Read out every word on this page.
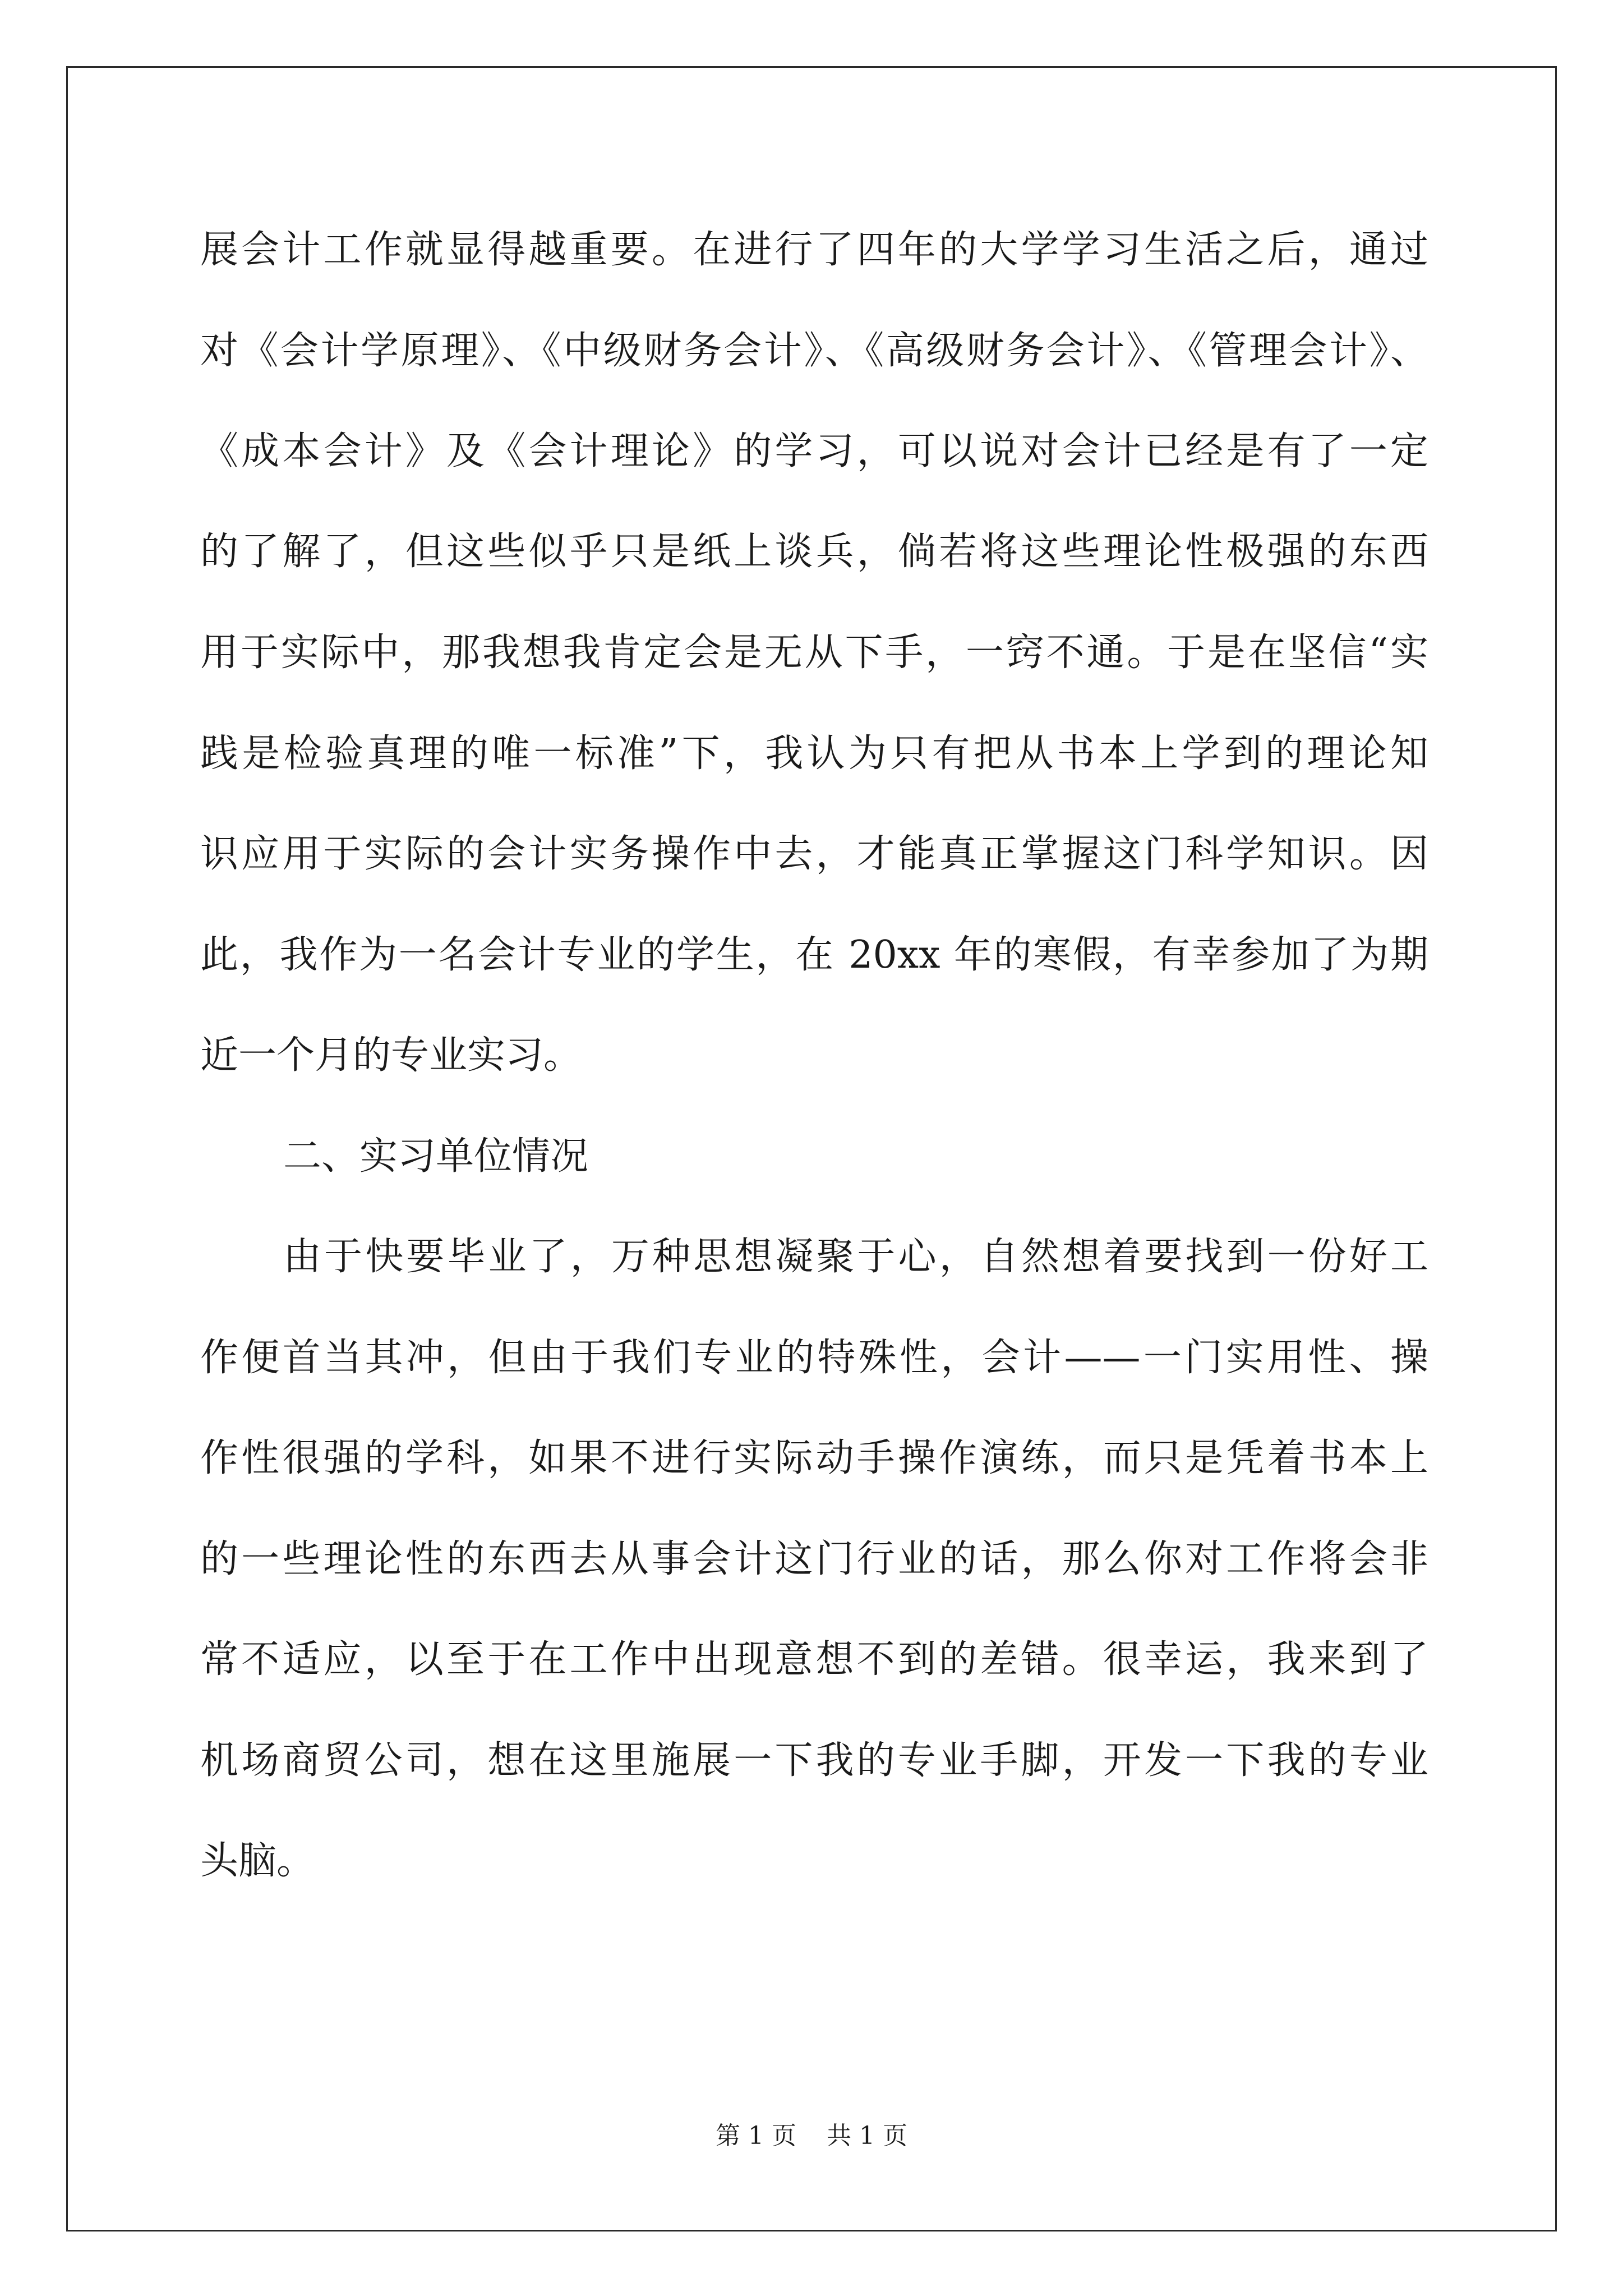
展会计工作就显得越重要。在进行了四年的大学学习生活之后，通过
对《会计学原理》、《中级财务会计》、《高级财务会计》、《管理会计》、
《成本会计》及《会计理论》的学习，可以说对会计已经是有了一定
的了解了，但这些似乎只是纸上谈兵，倘若将这些理论性极强的东西
用于实际中，那我想我肯定会是无从下手，一窍不通。于是在坚信“实
践是检验真理的唯一标准”下，我认为只有把从书本上学到的理论知
识应用于实际的会计实务操作中去，才能真正掌握这门科学知识。因
此，我作为一名会计专业的学生，在 20xx 年的寒假，有幸参加了为期
近一个月的专业实习。
二、实习单位情况
由于快要毕业了，万种思想凝聚于心，自然想着要找到一份好工
作便首当其冲，但由于我们专业的特殊性，会计——一门实用性、操
作性很强的学科，如果不进行实际动手操作演练，而只是凭着书本上
的一些理论性的东西去从事会计这门行业的话，那么你对工作将会非
常不适应，以至于在工作中出现意想不到的差错。很幸运，我来到了
机场商贸公司，想在这里施展一下我的专业手脚，开发一下我的专业
头脑。
第 1 页 共 1 页
